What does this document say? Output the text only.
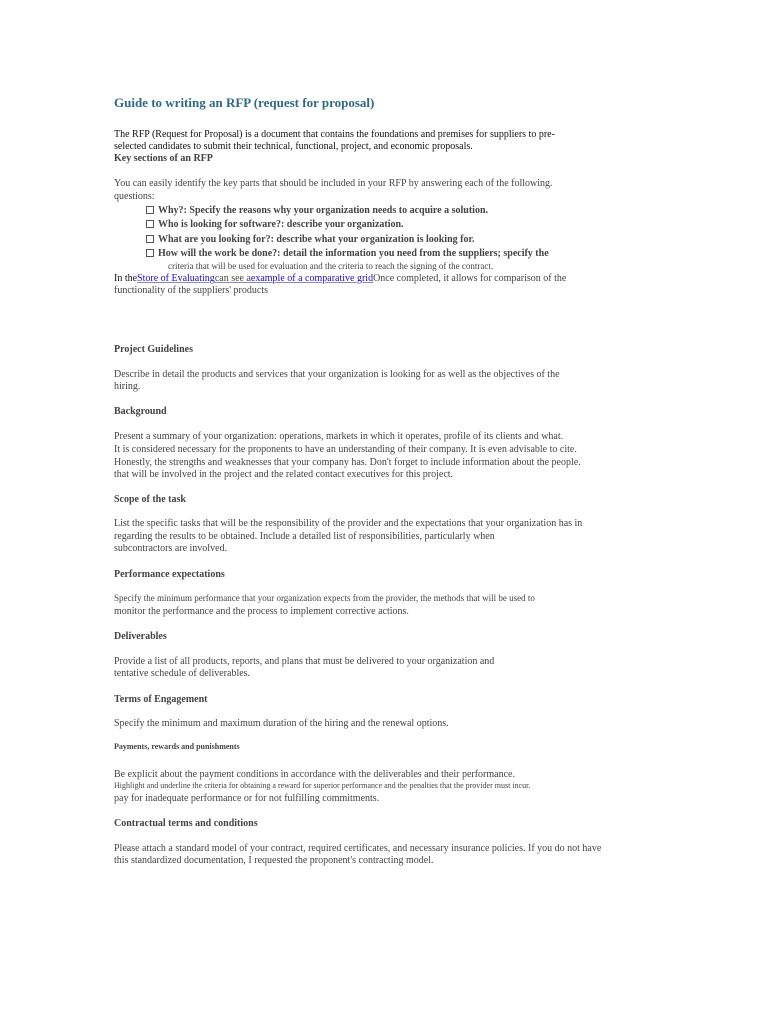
Guide to writing an RFP (request for proposal)
The RFP (Request for Proposal) is a document that contains the foundations and premises for suppliers to pre-
selected candidates to submit their technical, functional, project, and economic proposals.
Key sections of an RFP
You can easily identify the key parts that should be included in your RFP by answering each of the following.
questions:
Why?: Specify the reasons why your organization needs to acquire a solution.
Who is looking for software?: describe your organization.
What are you looking for?: describe what your organization is looking for.
How will the work be done?: detail the information you need from the suppliers; specify the
criteria that will be used for evaluation and the criteria to reach the signing of the contract.
In theStore of Evaluatingcan see aexample of a comparative gridOnce completed, it allows for comparison of the
functionality of the suppliers' products
Project Guidelines
Describe in detail the products and services that your organization is looking for as well as the objectives of the
hiring.
Background
Present a summary of your organization: operations, markets in which it operates, profile of its clients and what.
It is considered necessary for the proponents to have an understanding of their company. It is even advisable to cite.
Honestly, the strengths and weaknesses that your company has. Don't forget to include information about the people.
that will be involved in the project and the related contact executives for this project.
Scope of the task
List the specific tasks that will be the responsibility of the provider and the expectations that your organization has in
regarding the results to be obtained. Include a detailed list of responsibilities, particularly when
subcontractors are involved.
Performance expectations
Specify the minimum performance that your organization expects from the provider, the methods that will be used to
monitor the performance and the process to implement corrective actions.
Deliverables
Provide a list of all products, reports, and plans that must be delivered to your organization and
tentative schedule of deliverables.
Terms of Engagement
Specify the minimum and maximum duration of the hiring and the renewal options.
Payments, rewards and punishments
Be explicit about the payment conditions in accordance with the deliverables and their performance.
Highlight and underline the criteria for obtaining a reward for superior performance and the penalties that the provider must incur.
pay for inadequate performance or for not fulfilling commitments.
Contractual terms and conditions
Please attach a standard model of your contract, required certificates, and necessary insurance policies. If you do not have
this standardized documentation, I requested the proponent's contracting model.
